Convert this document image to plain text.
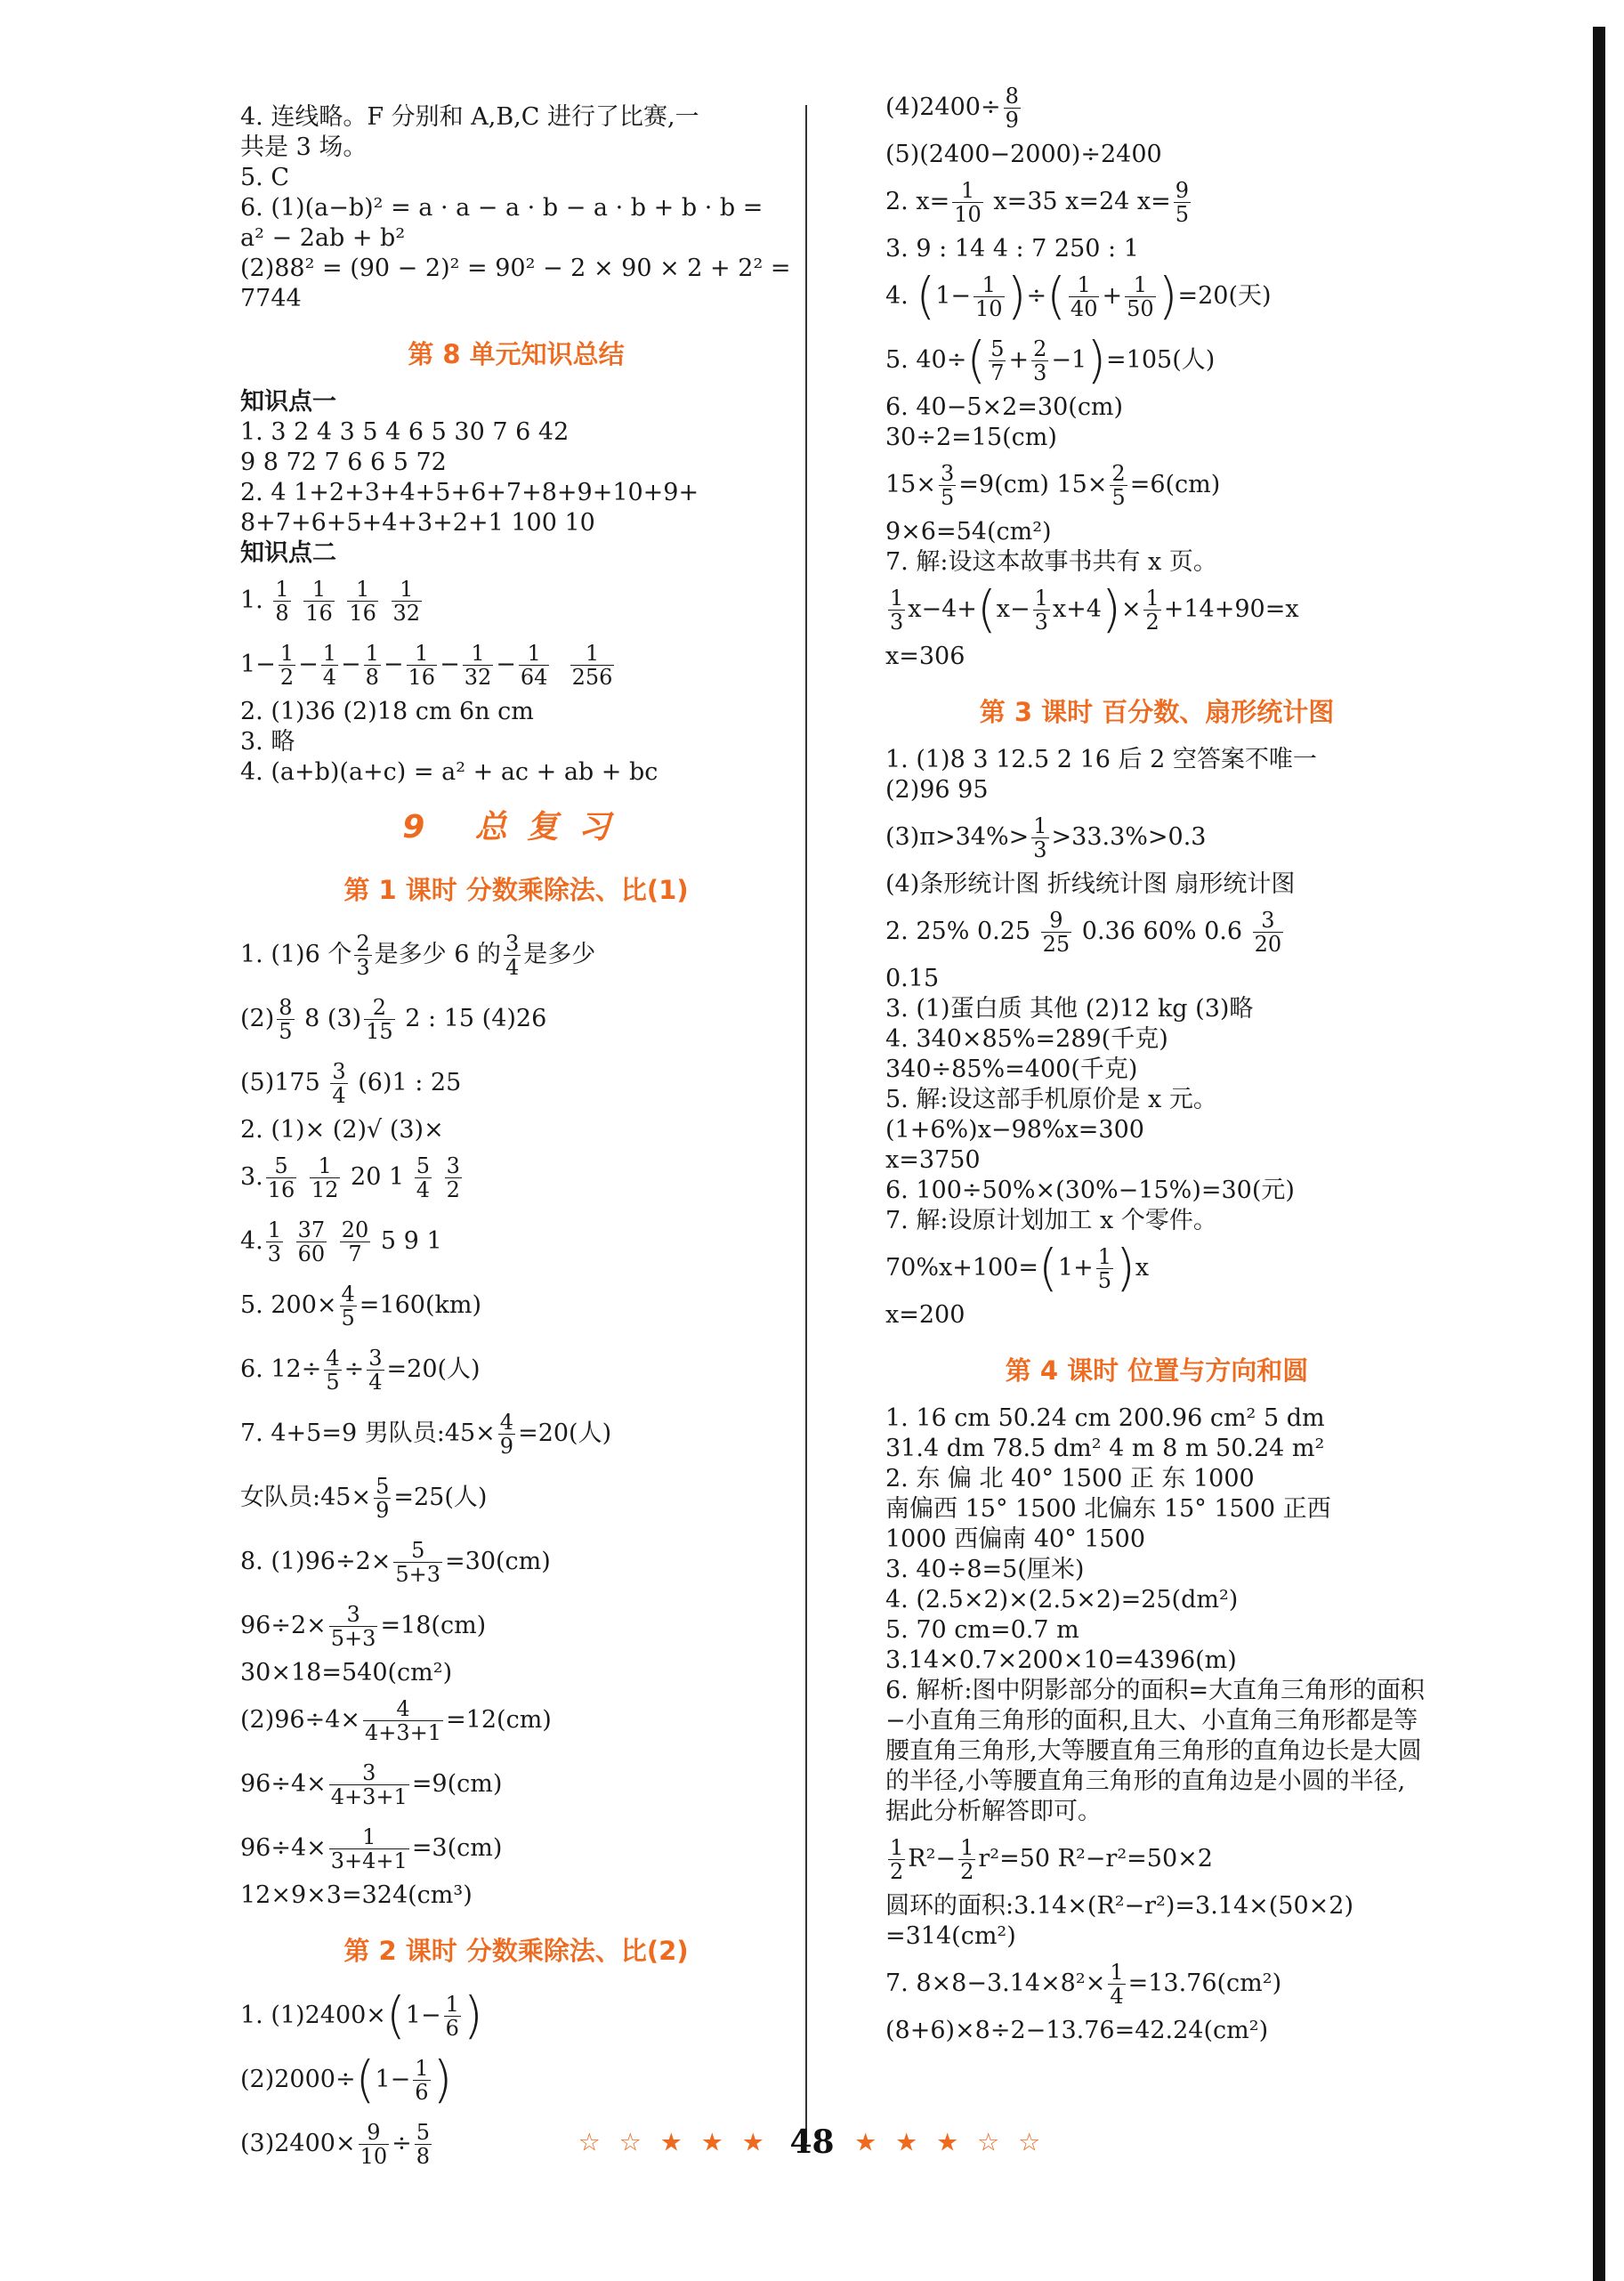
4. 连线略。F 分别和 A,B,C 进行了比赛,一
共是 3 场。
5. C
6. (1)(a−b)² = a · a − a · b − a · b + b · b =
a² − 2ab + b²
(2)88² = (90 − 2)² = 90² − 2 × 90 × 2 + 2² =
7744
第 8 单元知识总结
知识点一
1. 3 2 4 3 5 4 6 5 30 7 6 42
9 8 72 7 6 6 5 72
2. 4 1+2+3+4+5+6+7+8+9+10+9+
8+7+6+5+4+3+2+1 100 10
知识点二
1. $\frac{1}{8}$
$\frac{1}{16}$
$\frac{1}{16}$
$\frac{1}{32}$
$1- \frac{1}{2} - \frac{1}{4} - \frac{1}{8} - \frac{1}{16} - \frac{1}{32} - \frac{1}{64}$
$\frac{1}{256}$
2. (1)36 (2)18 cm 6n cm
3. 略
4. (a+b)(a+c) = a² + ac + ab + bc
9 总复习
第 1 课时 分数乘除法、比(1)
1. (1)6 个 $\frac{2}{3}$ 是多少 6 的 $\frac{3}{4}$ 是多少
$(2) \frac{8}{5} 8$ $(3) \frac{2}{15} 2$ : 15 (4)26
$(5)175 \frac{3}{4} (6)1$ : 25
2. (1)× (2)√ (3)×
3. $\frac{5}{16}$
$\frac{1}{12} 20$ $1 \frac{5}{4}$
$\frac{3}{2}$
4. $\frac{1}{3}$
$\frac{37}{60}$
$\frac{20}{7} 5$ 9 1
5. $200\times \frac{4}{5} =160(km)$
6. $12\div \frac{4}{5} \div \frac{3}{4} =20$(人)
7. 4+5=9 男队员:45× $\frac{4}{9} =20$(人)
女队员:45× $\frac{5}{9} =25$(人)
8. $(1)96\div 2\times \frac{5}{5+3} =30(cm)$
$96\div 2\times \frac{3}{5+3} =18(cm)$
30×18=540(cm²)
$(2)96\div 4\times \frac{4}{4+3+1} =12(cm)$
$96\div 4\times \frac{3}{4+3+1} =9(cm)$
$96\div 4\times \frac{1}{3+4+1} =3(cm)$
12×9×3=324(cm³)
第 2 课时 分数乘除法、比(2)
1. $(1)2400\times(1- \frac{1}{6}$ )
$(2)2000\div(1- \frac{1}{6}$ )
$(3)2400\times \frac{9}{10} \div \frac{5}{8}$
$(4)2400\div \frac{8}{9}$
(5)(2400−2000)÷2400
2. $x= \frac{1}{10} x=35$ x=24 $x= \frac{9}{5}$
3. 9 : 14 4 : 7 250 : 1
4. ($1- \frac{1}{10}$ )÷( $\frac{1}{40} + \frac{1}{50} )=20$(天)
5. $40\div( \frac{5}{7} + \frac{2}{3} -1)=105$(人)
6. 40−5×2=30(cm)
30÷2=15(cm)
$15\times \frac{3}{5} =9(cm)$ $15\times \frac{2}{5} =6(cm)$
9×6=54(cm²)
7. 解:设这本故事书共有 x 页。
$\frac{1}{3} x-4+(x- \frac{1}{3} x+4)\times \frac{1}{2} +14+90=x$
x=306
第 3 课时 百分数、扇形统计图
1. (1)8 3 12.5 2 16 后 2 空答案不唯一
(2)96 95
$(3)\pi>34\%> \frac{1}{3} >33.3\%>0.3$
(4)条形统计图 折线统计图 扇形统计图
2. 25% $0.25 \frac{9}{25} 0.36$ 60% $0.6 \frac{3}{20}$
0.15
3. (1)蛋白质 其他 (2)12 kg (3)略
4. 340×85%=289(千克)
340÷85%=400(千克)
5. 解:设这部手机原价是 x 元。
(1+6%)x−98%x=300
x=3750
6. 100÷50%×(30%−15%)=30(元)
7. 解:设原计划加工 x 个零件。
$70\%x+100=(1+ \frac{1}{5} )x$
x=200
第 4 课时 位置与方向和圆
1. 16 cm 50.24 cm 200.96 cm² 5 dm
31.4 dm 78.5 dm² 4 m 8 m 50.24 m²
2. 东 偏 北 40° 1500 正 东 1000
南偏西 15° 1500 北偏东 15° 1500 正西
1000 西偏南 40° 1500
3. 40÷8=5(厘米)
4. (2.5×2)×(2.5×2)=25(dm²)
5. 70 cm=0.7 m
3.14×0.7×200×10=4396(m)
6. 解析:图中阴影部分的面积=大直角三角形的面积−小直角三角形的面积,且大、小直角三角形都是等腰直角三角形,大等腰直角三角形的直角边长是大圆的半径,小等腰直角三角形的直角边是小圆的半径,据此分析解答即可。
$\frac{1}{2} R^2- \frac{1}{2} r^2=50$ R²−r²=50×2
圆环的面积:3.14×(R²−r²)=3.14×(50×2)
=314(cm²)
7. $8\times 8-3.14\times 8^2\times \frac{1}{4} =13.76(cm^2)$
(8+6)×8÷2−13.76=42.24(cm²)
☆ ☆ ★ ★ ★ 48 ★ ★ ★ ☆ ☆
